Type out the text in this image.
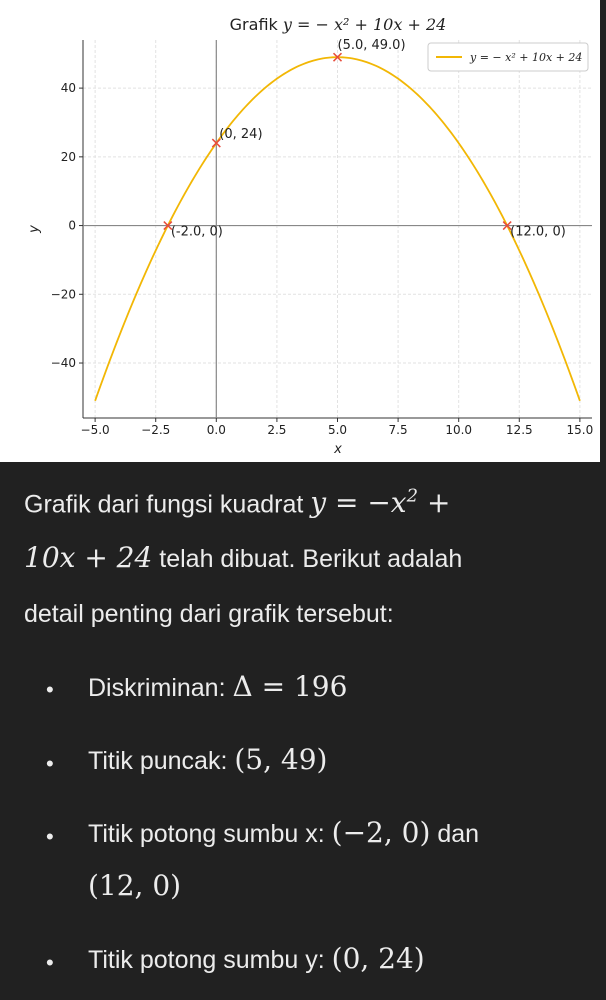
(-2.0, 0)
(0, 24)
(5.0, 49.0)
(12.0, 0)
−5.0	−2.5	0.0	2.5	5.0	7.5	10.0	12.5	15.0
−40
−20
0
20
40
Grafik y = − x² + 10x + 24
x
y
y = − x² + 10x + 24
Grafik dari fungsi kuadrat $y = -x^2$ +
10x + 24 telah dibuat. Berikut adalah
detail penting dari grafik tersebut:
• Diskriminan: Δ = 196
• Titik puncak: (5, 49)
• Titik potong sumbu x: (−2, 0) dan
(12, 0)
• Titik potong sumbu y: (0, 24)
